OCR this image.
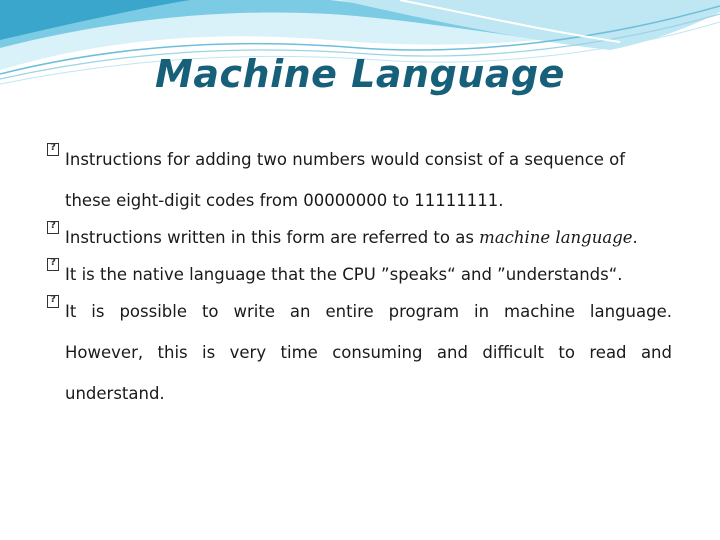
Machine Language
?
Instructions for adding two numbers would consist of a sequence of these eight-digit codes from 00000000 to 11111111.
?
Instructions written in this form are referred to as machine language.
?
It is the native language that the CPU ”speaks“ and ”understands“.
?
It is possible to write an entire program in machine language. However, this is very time consuming and difficult to read and understand.
